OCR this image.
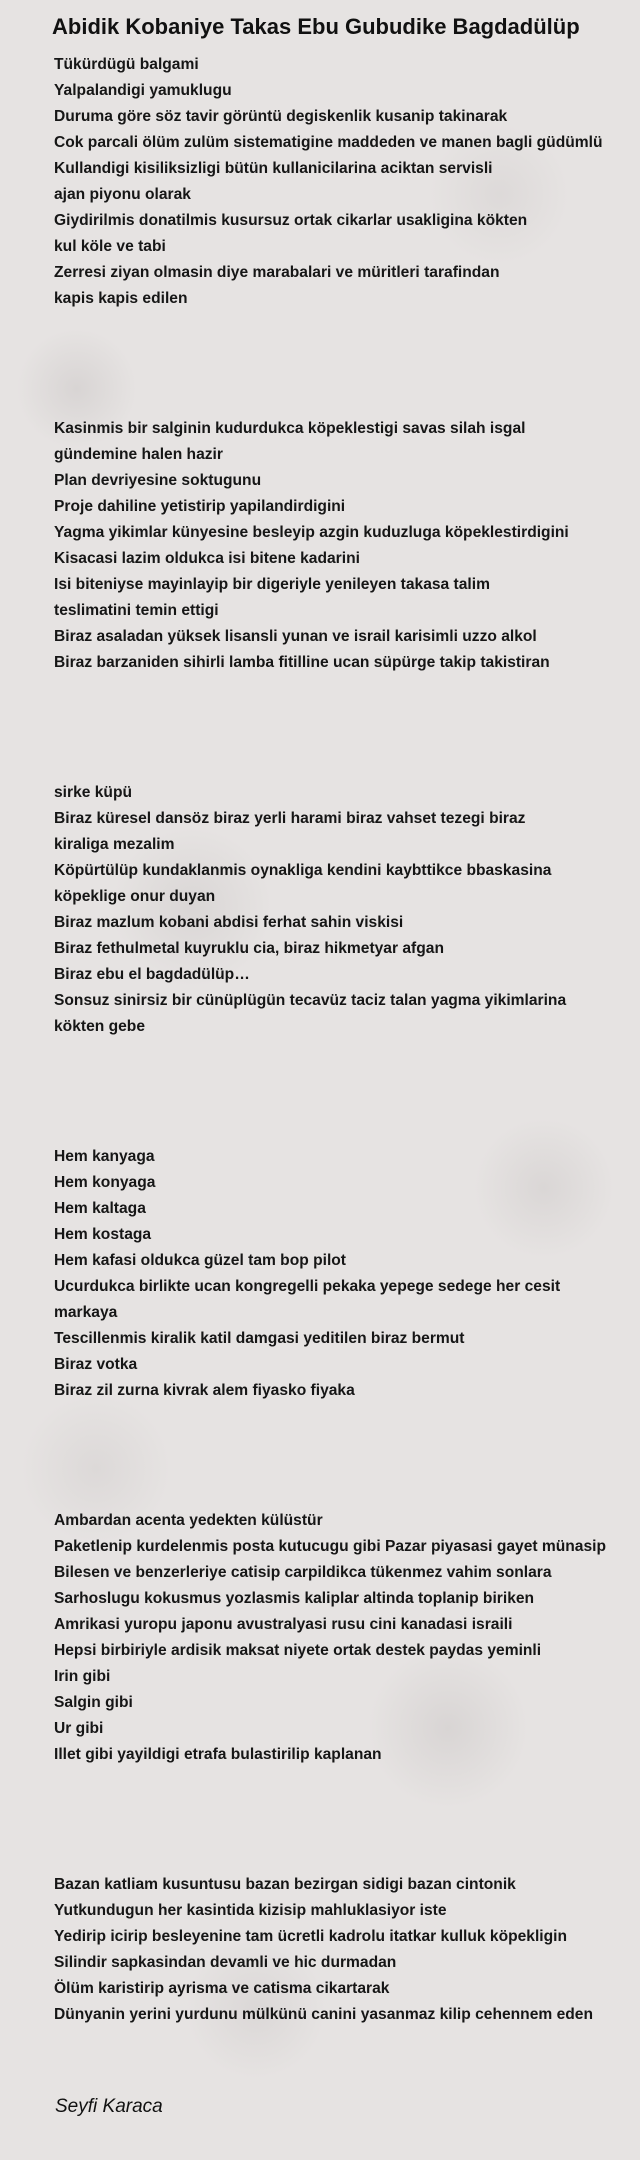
Abidik Kobaniye Takas Ebu Gubudike Bagdadülüp
Tükürdügü balgami
Yalpalandigi yamuklugu
Duruma göre söz tavir görüntü degiskenlik kusanip takinarak
Cok parcali ölüm zulüm sistematigine maddeden ve manen bagli güdümlü
Kullandigi kisiliksizligi bütün kullanicilarina aciktan servisli
ajan piyonu olarak
Giydirilmis donatilmis kusursuz ortak cikarlar usakligina kökten
kul köle ve tabi
Zerresi ziyan olmasin diye marabalari ve müritleri tarafindan
kapis kapis edilen
Kasinmis bir salginin kudurdukca köpeklestigi savas silah isgal
gündemine halen hazir
Plan devriyesine soktugunu
Proje dahiline yetistirip yapilandirdigini
Yagma yikimlar künyesine besleyip azgin kuduzluga köpeklestirdigini
Kisacasi lazim oldukca isi bitene kadarini
Isi biteniyse mayinlayip bir digeriyle yenileyen takasa talim
teslimatini temin ettigi
Biraz asaladan yüksek lisansli yunan ve israil karisimli uzzo alkol
Biraz barzaniden sihirli lamba fitilline ucan süpürge takip takistiran
sirke küpü
Biraz küresel dansöz biraz yerli harami biraz vahset tezegi biraz
kiraliga mezalim
Köpürtülüp kundaklanmis oynakliga kendini kaybttikce bbaskasina
köpeklige onur duyan
Biraz mazlum kobani abdisi ferhat sahin viskisi
Biraz fethulmetal kuyruklu cia, biraz hikmetyar afgan
Biraz ebu el bagdadülüp…
Sonsuz sinirsiz bir cünüplügün tecavüz taciz talan yagma yikimlarina
kökten gebe
Hem kanyaga
Hem konyaga
Hem kaltaga
Hem kostaga
Hem kafasi oldukca güzel tam bop pilot
Ucurdukca birlikte ucan kongregelli pekaka yepege sedege her cesit
markaya
Tescillenmis kiralik katil damgasi yeditilen biraz bermut
Biraz votka
Biraz zil zurna kivrak alem fiyasko fiyaka
Ambardan acenta yedekten külüstür
Paketlenip kurdelenmis posta kutucugu gibi Pazar piyasasi gayet münasip
Bilesen ve benzerleriye catisip carpildikca tükenmez vahim sonlara
Sarhoslugu kokusmus yozlasmis kaliplar altinda toplanip biriken
Amrikasi yuropu japonu avustralyasi rusu cini kanadasi israili
Hepsi birbiriyle ardisik maksat niyete ortak destek paydas yeminli
Irin gibi
Salgin gibi
Ur gibi
Illet gibi yayildigi etrafa bulastirilip kaplanan
Bazan katliam kusuntusu bazan bezirgan sidigi bazan cintonik
Yutkundugun her kasintida kizisip mahluklasiyor iste
Yedirip icirip besleyenine tam ücretli kadrolu itatkar kulluk köpekligin
Silindir sapkasindan devamli ve hic durmadan
Ölüm karistirip ayrisma ve catisma cikartarak
Dünyanin yerini yurdunu mülkünü canini yasanmaz kilip cehennem eden
Seyfi Karaca
